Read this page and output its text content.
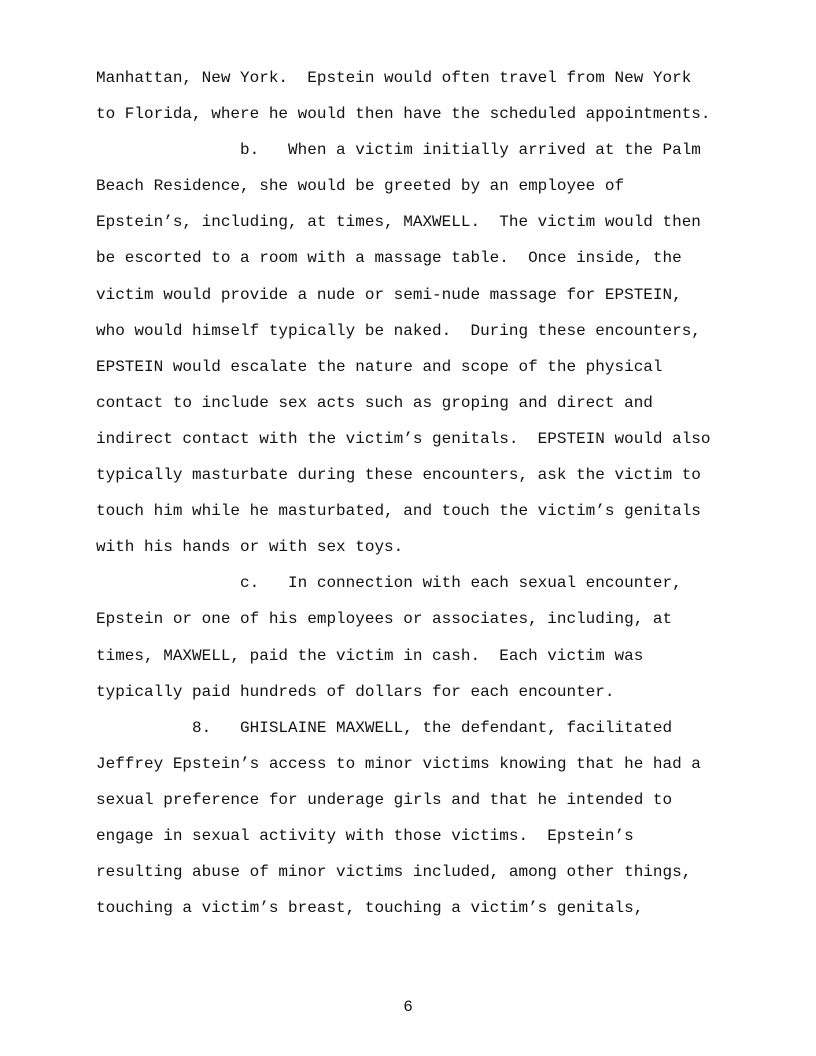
Manhattan, New York.  Epstein would often travel from New York
to Florida, where he would then have the scheduled appointments.
b.   When a victim initially arrived at the Palm
Beach Residence, she would be greeted by an employee of
Epstein’s, including, at times, MAXWELL.  The victim would then
be escorted to a room with a massage table.  Once inside, the
victim would provide a nude or semi-nude massage for EPSTEIN,
who would himself typically be naked.  During these encounters,
EPSTEIN would escalate the nature and scope of the physical
contact to include sex acts such as groping and direct and
indirect contact with the victim’s genitals.  EPSTEIN would also
typically masturbate during these encounters, ask the victim to
touch him while he masturbated, and touch the victim’s genitals
with his hands or with sex toys.
c.   In connection with each sexual encounter,
Epstein or one of his employees or associates, including, at
times, MAXWELL, paid the victim in cash.  Each victim was
typically paid hundreds of dollars for each encounter.
8.   GHISLAINE MAXWELL, the defendant, facilitated
Jeffrey Epstein’s access to minor victims knowing that he had a
sexual preference for underage girls and that he intended to
engage in sexual activity with those victims.  Epstein’s
resulting abuse of minor victims included, among other things,
touching a victim’s breast, touching a victim’s genitals,
6
